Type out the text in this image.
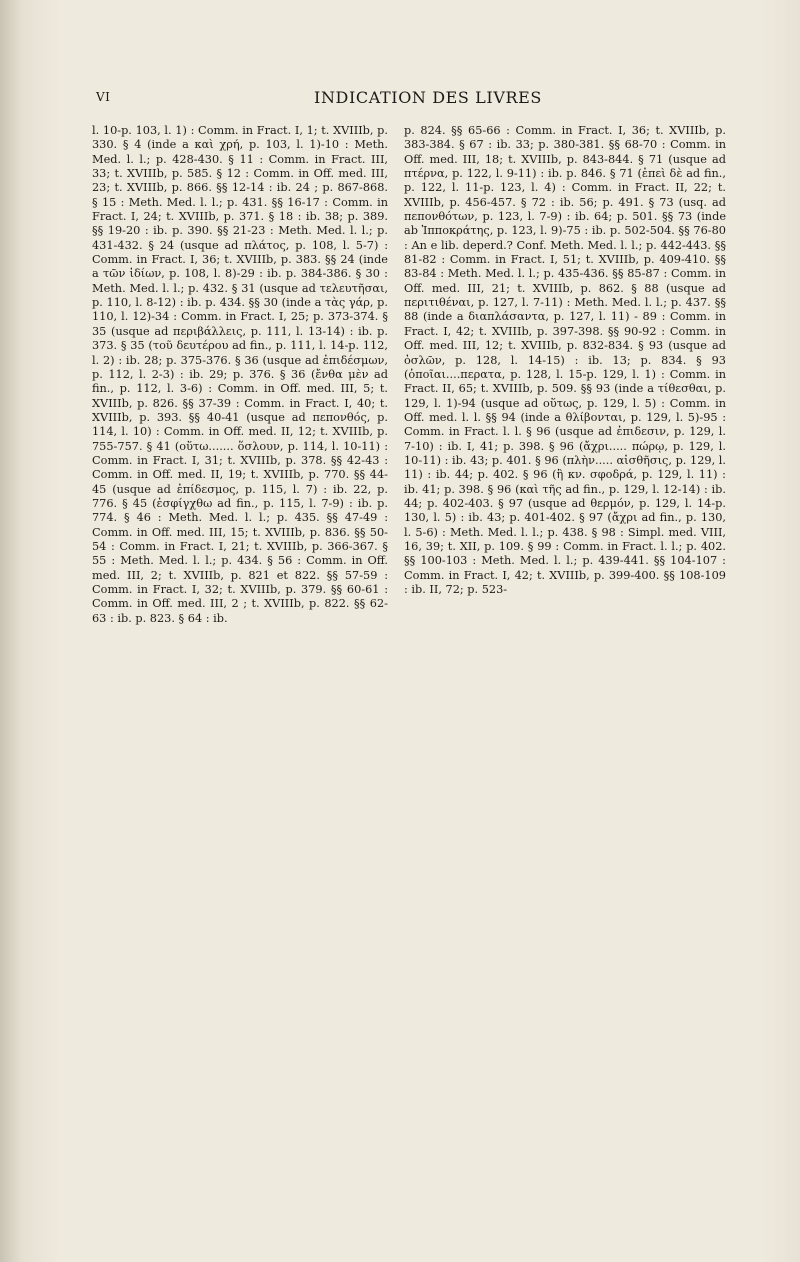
VI	INDICATION DES LIVRES

l. 10-p. 103, l. 1) : Comm. in Fract. I, 1; t. XVIIIb, p. 330. § 4 (inde a καὶ χρή, p. 103, l. 1)-10 : Meth. Med. l. l.; p. 428-430. § 11 : Comm. in Fract. III, 33; t. XVIIIb, p. 585. § 12 : Comm. in Off. med. III, 23; t. XVIIIb, p. 866. §§ 12-14 : ib. 24 ; p. 867-868. § 15 : Meth. Med. l. l.; p. 431. §§ 16-17 : Comm. in Fract. I, 24; t. XVIIIb, p. 371. § 18 : ib. 38; p. 389. §§ 19-20 : ib. p. 390. §§ 21-23 : Meth. Med. l. l.; p. 431-432. § 24 (usque ad πλάτος, p. 108, l. 5-7) : Comm. in Fract. I, 36; t. XVIIIb, p. 383. §§ 24 (inde a τῶν ἰδίων, p. 108, l. 8)-29 : ib. p. 384-386. § 30 : Meth. Med. l. l.; p. 432. § 31 (usque ad τελευτῆσαι, p. 110, l. 8-12) : ib. p. 434. §§ 30 (inde a τὰς γάρ, p. 110, l. 12)-34 : Comm. in Fract. I, 25; p. 373-374. § 35 (usque ad περιβάλλεις, p. 111, l. 13-14) : ib. p. 373. § 35 (τοῦ δευτέρου ad fin., p. 111, l. 14-p. 112, l. 2) : ib. 28; p. 375-376. § 36 (usque ad ἐπιδέσμων, p. 112, l. 2-3) : ib. 29; p. 376. § 36 (ἔνθα μὲν ad fin., p. 112, l. 3-6) : Comm. in Off. med. III, 5; t. XVIIIb, p. 826. §§ 37-39 : Comm. in Fract. I, 40; t. XVIIIb, p. 393. §§ 40-41 (usque ad πεπονθός, p. 114, l. 10) : Comm. in Off. med. II, 12; t. XVIIIb, p. 755-757. § 41 (οὕτω....... ὅσλουν, p. 114, l. 10-11) : Comm. in Fract. I, 31; t. XVIIIb, p. 378. §§ 42-43 : Comm. in Off. med. II, 19; t. XVIIIb, p. 770. §§ 44-45 (usque ad ἐπίδεσμος, p. 115, l. 7) : ib. 22, p. 776. § 45 (ἐσφίγχθω ad fin., p. 115, l. 7-9) : ib. p. 774. § 46 : Meth. Med. l. l.; p. 435. §§ 47-49 : Comm. in Off. med. III, 15; t. XVIIIb, p. 836. §§ 50-54 : Comm. in Fract. I, 21; t. XVIIIb, p. 366-367. § 55 : Meth. Med. l. l.; p. 434. § 56 : Comm. in Off. med. III, 2; t. XVIIIb, p. 821 et 822. §§ 57-59 : Comm. in Fract. I, 32; t. XVIIIb, p. 379. §§ 60-61 : Comm. in Off. med. III, 2 ; t. XVIIIb, p. 822. §§ 62-63 : ib. p. 823. § 64 : ib.

p. 824. §§ 65-66 : Comm. in Fract. I, 36; t. XVIIIb, p. 383-384. § 67 : ib. 33; p. 380-381. §§ 68-70 : Comm. in Off. med. III, 18; t. XVIIIb, p. 843-844. § 71 (usque ad πτέρνα, p. 122, l. 9-11) : ib. p. 846. § 71 (ἐπεὶ δὲ ad fin., p. 122, l. 11-p. 123, l. 4) : Comm. in Fract. II, 22; t. XVIIIb, p. 456-457. § 72 : ib. 56; p. 491. § 73 (usq. ad πεπονθότων, p. 123, l. 7-9) : ib. 64; p. 501. §§ 73 (inde ab Ἱπποκράτης, p. 123, l. 9)-75 : ib. p. 502-504. §§ 76-80 : An e lib. deperd.? Conf. Meth. Med. l. l.; p. 442-443. §§ 81-82 : Comm. in Fract. I, 51; t. XVIIIb, p. 409-410. §§ 83-84 : Meth. Med. l. l.; p. 435-436. §§ 85-87 : Comm. in Off. med. III, 21; t. XVIIIb, p. 862. § 88 (usque ad περιτιθέναι, p. 127, l. 7-11) : Meth. Med. l. l.; p. 437. §§ 88 (inde a διαπλάσαντα, p. 127, l. 11) - 89 : Comm. in Fract. I, 42; t. XVIIIb, p. 397-398. §§ 90-92 : Comm. in Off. med. III, 12; t. XVIIIb, p. 832-834. § 93 (usque ad ὀσλῶν, p. 128, l. 14-15) : ib. 13; p. 834. § 93 (ὁποῖαι....περατα, p. 128, l. 15-p. 129, l. 1) : Comm. in Fract. II, 65; t. XVIIIb, p. 509. §§ 93 (inde a τίθεσθαι, p. 129, l. 1)-94 (usque ad οὕτως, p. 129, l. 5) : Comm. in Off. med. l. l. §§ 94 (inde a θλίβονται, p. 129, l. 5)-95 : Comm. in Fract. l. l. § 96 (usque ad ἐπιδεσιν, p. 129, l. 7-10) : ib. I, 41; p. 398. § 96 (ἄχρι..... πώρῳ, p. 129, l. 10-11) : ib. 43; p. 401. § 96 (πλὴν..... αἰσθῆσις, p. 129, l. 11) : ib. 44; p. 402. § 96 (ἢ κν. σφοδρά, p. 129, l. 11) : ib. 41; p. 398. § 96 (καὶ τῆς ad fin., p. 129, l. 12-14) : ib. 44; p. 402-403. § 97 (usque ad θερμόν, p. 129, l. 14-p. 130, l. 5) : ib. 43; p. 401-402. § 97 (ἄχρι ad fin., p. 130, l. 5-6) : Meth. Med. l. l.; p. 438. § 98 : Simpl. med. VIII, 16, 39; t. XII, p. 109. § 99 : Comm. in Fract. l. l.; p. 402. §§ 100-103 : Meth. Med. l. l.; p. 439-441. §§ 104-107 : Comm. in Fract. I, 42; t. XVIIIb, p. 399-400. §§ 108-109 : ib. II, 72; p. 523-
